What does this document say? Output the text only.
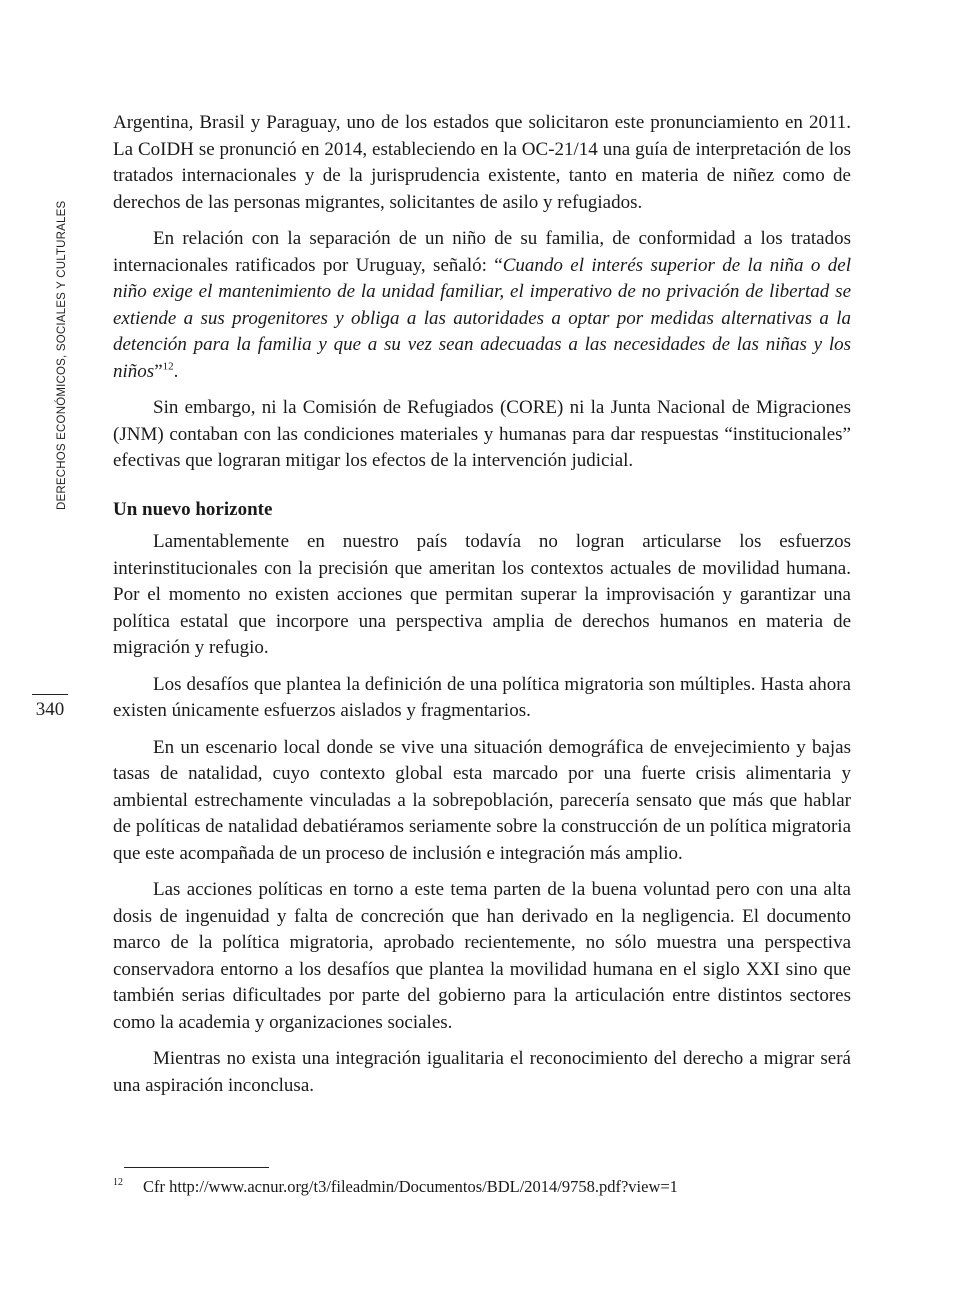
DERECHOS ECONÓMICOS, SOCIALES Y CULTURALES
340

Argentina, Brasil y Paraguay, uno de los estados que solicitaron este pronunciamiento en 2011. La CoIDH se pronunció en 2014, estableciendo en la OC-21/14 una guía de interpretación de los tratados internacionales y de la jurisprudencia existente, tanto en materia de niñez como de derechos de las personas migrantes, solicitantes de asilo y refugiados.

En relación con la separación de un niño de su familia, de conformidad a los tratados internacionales ratificados por Uruguay, señaló: “Cuando el interés superior de la niña o del niño exige el mantenimiento de la unidad familiar, el imperativo de no privación de libertad se extiende a sus progenitores y obliga a las autoridades a optar por medidas alternativas a la detención para la familia y que a su vez sean adecuadas a las necesidades de las niñas y los niños”$^{12}$.

Sin embargo, ni la Comisión de Refugiados (CORE) ni la Junta Nacional de Migraciones (JNM) contaban con las condiciones materiales y humanas para dar respuestas “institucionales” efectivas que lograran mitigar los efectos de la intervención judicial.

Un nuevo horizonte

Lamentablemente en nuestro país todavía no logran articularse los esfuerzos interinstitucionales con la precisión que ameritan los contextos actuales de movilidad humana. Por el momento no existen acciones que permitan superar la improvisación y garantizar una política estatal que incorpore una perspectiva amplia de derechos humanos en materia de migración y refugio.

Los desafíos que plantea la definición de una política migratoria son múltiples. Hasta ahora existen únicamente esfuerzos aislados y fragmentarios.

En un escenario local donde se vive una situación demográfica de envejecimiento y bajas tasas de natalidad, cuyo contexto global esta marcado por una fuerte crisis alimentaria y ambiental estrechamente vinculadas a la sobrepoblación, parecería sensato que más que hablar de políticas de natalidad debatiéramos seriamente sobre la construcción de un política migratoria que este acompañada de un proceso de inclusión e integración más amplio.

Las acciones políticas en torno a este tema parten de la buena voluntad pero con una alta dosis de ingenuidad y falta de concreción que han derivado en la negligencia. El documento marco de la política migratoria, aprobado recientemente, no sólo muestra una perspectiva conservadora entorno a los desafíos que plantea la movilidad humana en el siglo XXI sino que también serias dificultades por parte del gobierno para la articulación entre distintos sectores como la academia y organizaciones sociales.

Mientras no exista una integración igualitaria el reconocimiento del derecho a migrar será una aspiración inconclusa.

12 Cfr http://www.acnur.org/t3/fileadmin/Documentos/BDL/2014/9758.pdf?view=1
